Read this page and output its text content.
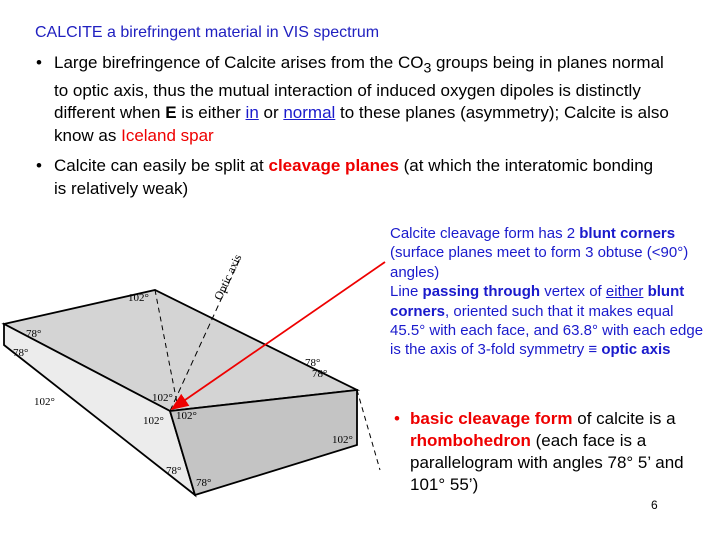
CALCITE a birefringent material in VIS spectrum
• Large birefringence of Calcite arises from the $CO_3$ groups being in planes normal to optic axis, thus the mutual interaction of induced oxygen dipoles is distinctly different when E is either in or normal to these planes (asymmetry); Calcite is also know as Iceland spar
• Calcite can easily be split at cleavage planes (at which the interatomic bonding is relatively weak)

Calcite cleavage form has 2 blunt corners (surface planes meet to form 3 obtuse (<90°) angles)

Line passing through vertex of either blunt corners, oriented such that it makes equal 45.5° with each face, and 63.8° with each edge is the axis of 3-fold symmetry ≡ optic axis

• basic cleavage form of calcite is a rhombohedron (each face is a parallelogram with angles 78° 5’ and 101° 55’)
Optic axis
102°
78°
78°
102°
78°
102°
102° 102°
102°
78°
78°
78°
6
